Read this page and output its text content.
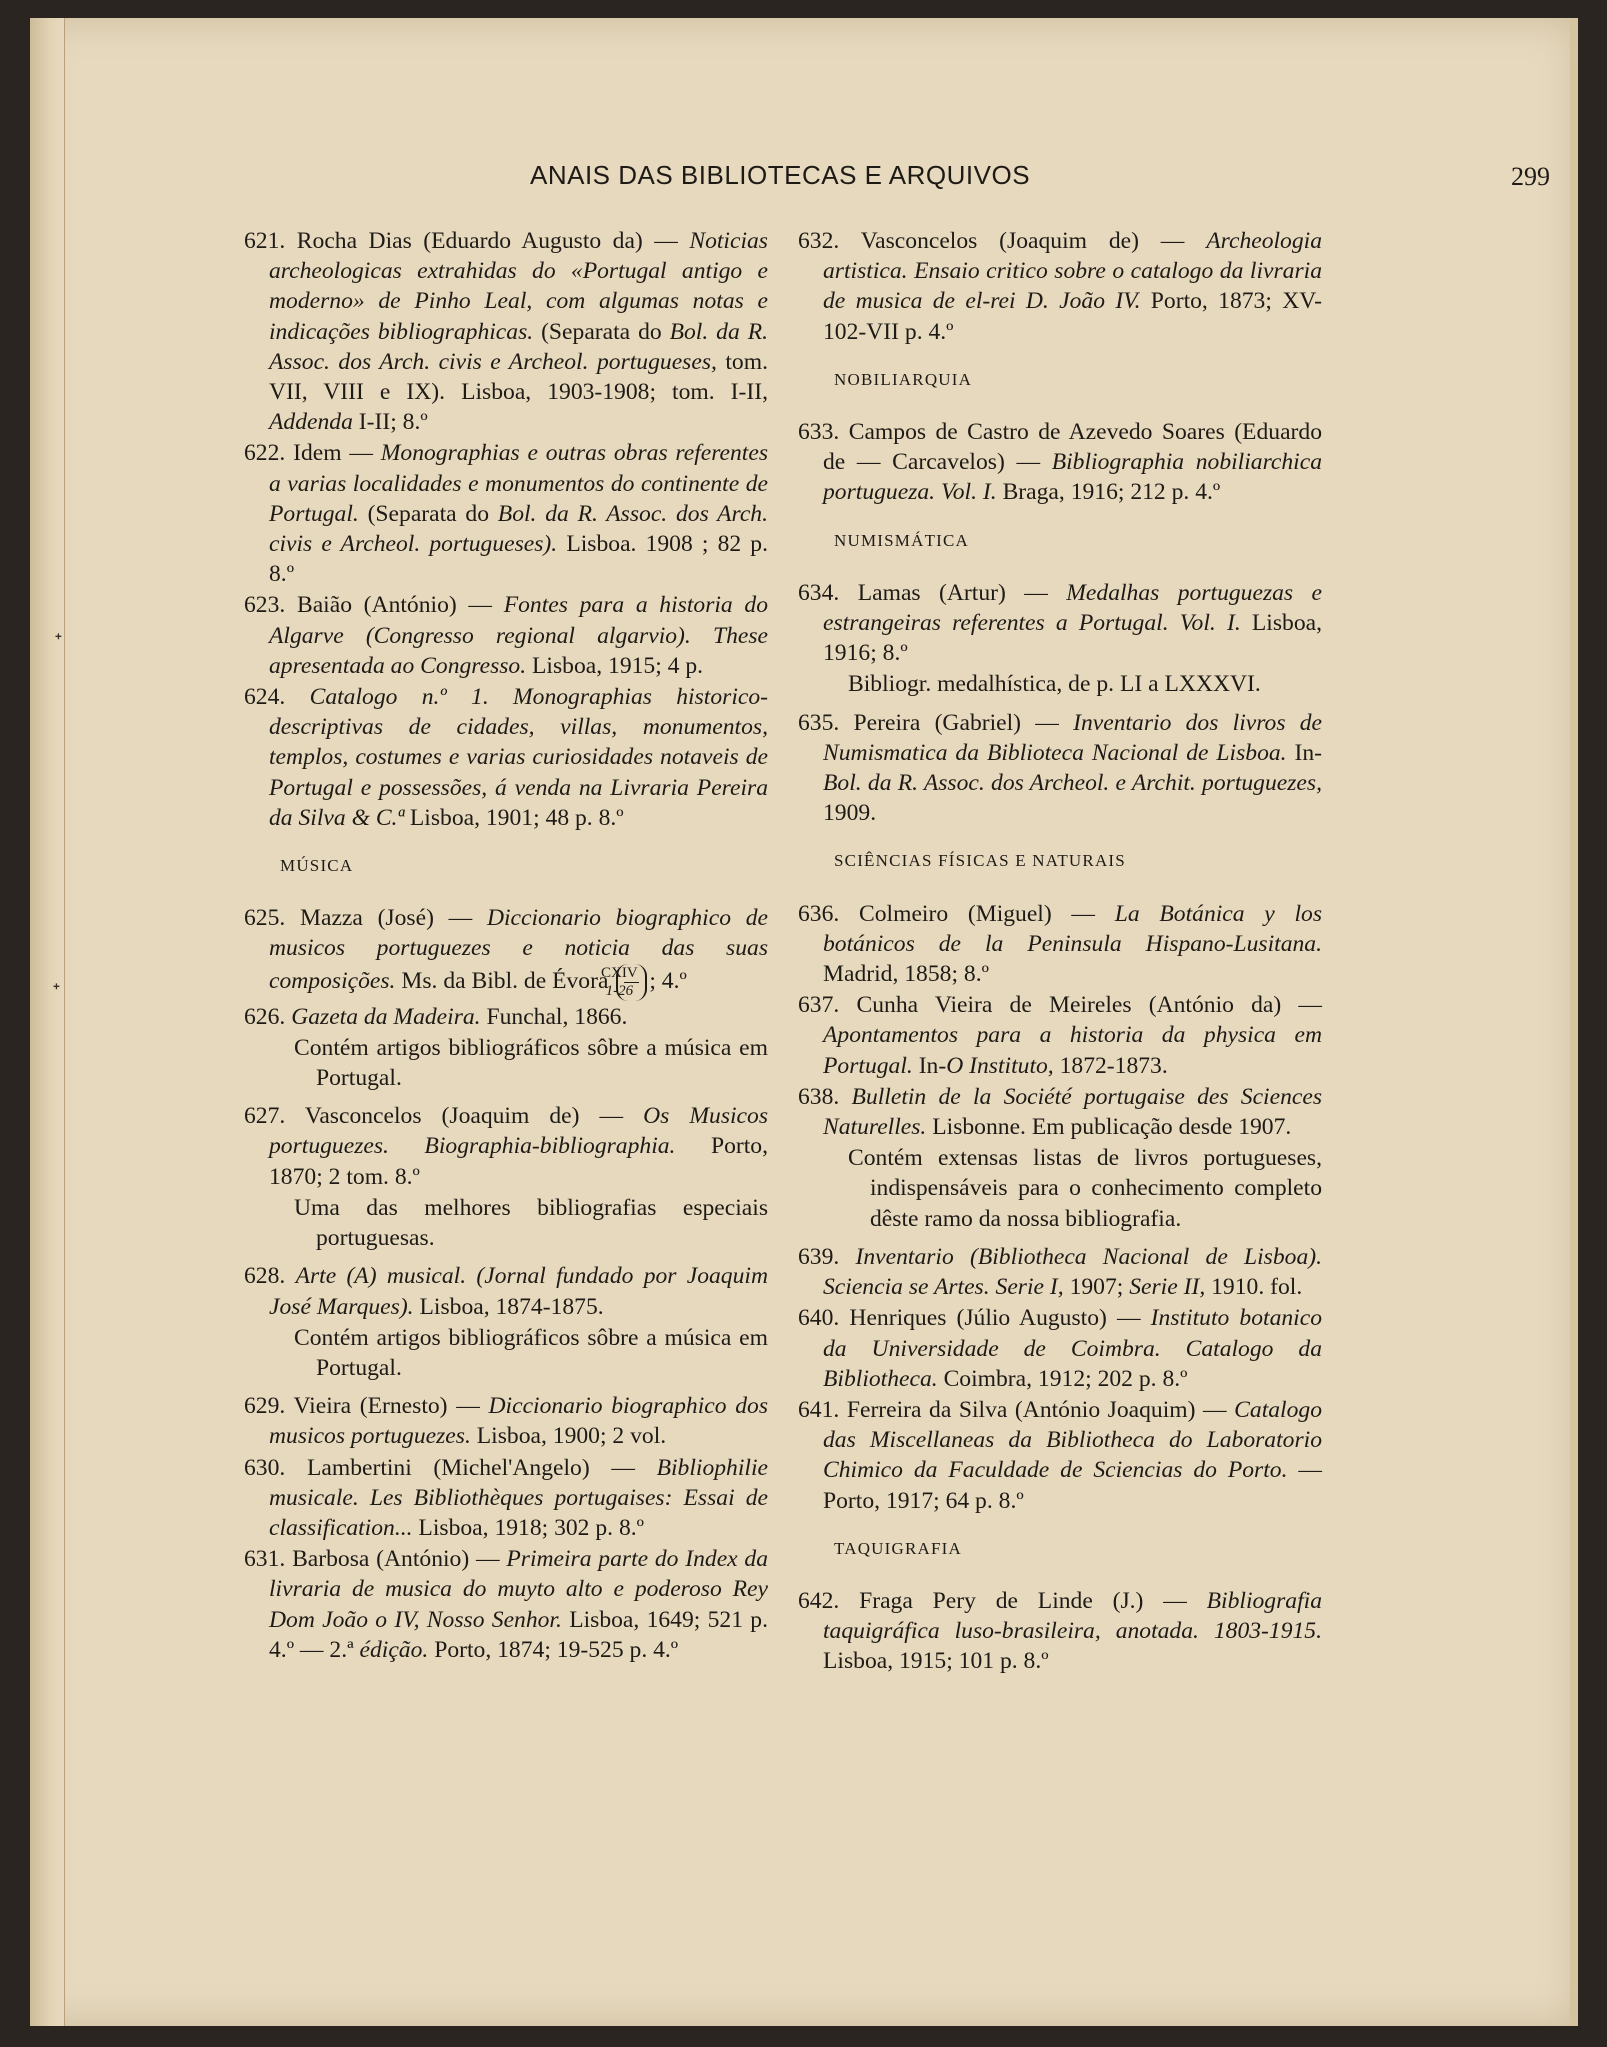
ᐩ
ᐩ
ANAIS DAS BIBLIOTECAS E ARQUIVOS	299
621. Rocha Dias (Eduardo Augusto da) — Noticias archeologicas extrahidas do «Portugal antigo e moderno» de Pinho Leal, com algumas notas e indicações bibliographicas. (Separata do Bol. da R. Assoc. dos Arch. civis e Archeol. portugueses, tom. VII, VIII e IX). Lisboa, 1903-1908; tom. I-II, Addenda I-II; 8.º
622. Idem — Monographias e outras obras referentes a varias localidades e monumentos do continente de Portugal. (Separata do Bol. da R. Assoc. dos Arch. civis e Archeol. portugueses). Lisboa. 1908 ; 82 p. 8.º
623. Baião (António) — Fontes para a historia do Algarve (Congresso regional algarvio). These apresentada ao Congresso. Lisboa, 1915; 4 p.
624. Catalogo n.º 1. Monographias historico-descriptivas de cidades, villas, monumentos, templos, costumes e varias curiosidades notaveis de Portugal e possessões, á venda na Livraria Pereira da Silva & C.ª Lisboa, 1901; 48 p. 8.º
MÚSICA
625. Mazza (José) — Diccionario biographico de musicos portuguezes e noticia das suas composições. Ms. da Bibl. de Évora $\frac{\text{CXIV}}{1-26}$ ; 4.º
626. Gazeta da Madeira. Funchal, 1866.
Contém artigos bibliográficos sôbre a música em Portugal.
627. Vasconcelos (Joaquim de) — Os Musicos portuguezes. Biographia-bibliographia. Porto, 1870; 2 tom. 8.º
Uma das melhores bibliografias especiais portuguesas.
628. Arte (A) musical. (Jornal fundado por Joaquim José Marques). Lisboa, 1874-1875.
Contém artigos bibliográficos sôbre a música em Portugal.
629. Vieira (Ernesto) — Diccionario biographico dos musicos portuguezes. Lisboa, 1900; 2 vol.
630. Lambertini (Michel'Angelo) — Bibliophilie musicale. Les Bibliothèques portugaises: Essai de classification... Lisboa, 1918; 302 p. 8.º
631. Barbosa (António) — Primeira parte do Index da livraria de musica do muyto alto e poderoso Rey Dom João o IV, Nosso Senhor. Lisboa, 1649; 521 p. 4.º — 2.ª édição. Porto, 1874; 19-525 p. 4.º
632. Vasconcelos (Joaquim de) — Archeologia artistica. Ensaio critico sobre o catalogo da livraria de musica de el-rei D. João IV. Porto, 1873; XV-102-VII p. 4.º
NOBILIARQUIA
633. Campos de Castro de Azevedo Soares (Eduardo de — Carcavelos) — Bibliographia nobiliarchica portugueza. Vol. I. Braga, 1916; 212 p. 4.º
NUMISMÁTICA
634. Lamas (Artur) — Medalhas portuguezas e estrangeiras referentes a Portugal. Vol. I. Lisboa, 1916; 8.º
Bibliogr. medalhística, de p. LI a LXXXVI.
635. Pereira (Gabriel) — Inventario dos livros de Numismatica da Biblioteca Nacional de Lisboa. In-Bol. da R. Assoc. dos Archeol. e Archit. portuguezes, 1909.
SCIÊNCIAS FÍSICAS E NATURAIS
636. Colmeiro (Miguel) — La Botánica y los botánicos de la Peninsula Hispano-Lusitana. Madrid, 1858; 8.º
637. Cunha Vieira de Meireles (António da) — Apontamentos para a historia da physica em Portugal. In-O Instituto, 1872-1873.
638. Bulletin de la Société portugaise des Sciences Naturelles. Lisbonne. Em publicação desde 1907.
Contém extensas listas de livros portugueses, indispensáveis para o conhecimento completo dêste ramo da nossa bibliografia.
639. Inventario (Bibliotheca Nacional de Lisboa). Sciencia se Artes. Serie I, 1907; Serie II, 1910. fol.
640. Henriques (Júlio Augusto) — Instituto botanico da Universidade de Coimbra. Catalogo da Bibliotheca. Coimbra, 1912; 202 p. 8.º
641. Ferreira da Silva (António Joaquim) — Catalogo das Miscellaneas da Bibliotheca do Laboratorio Chimico da Faculdade de Sciencias do Porto. — Porto, 1917; 64 p. 8.º
TAQUIGRAFIA
642. Fraga Pery de Linde (J.) — Bibliografia taquigráfica luso-brasileira, anotada. 1803-1915. Lisboa, 1915; 101 p. 8.º
